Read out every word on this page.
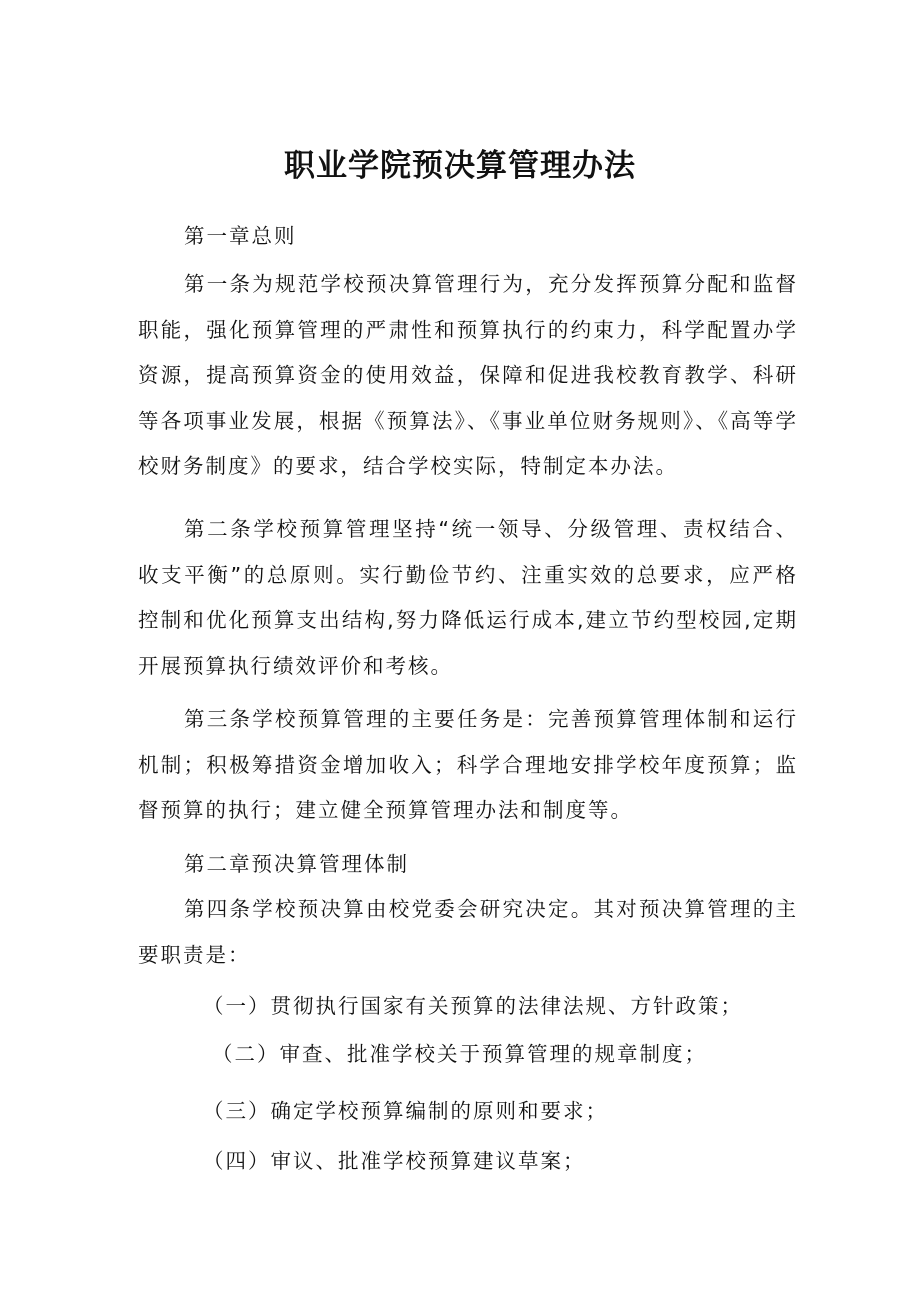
职业学院预决算管理办法

第一章总则

第一条为规范学校预决算管理行为，充分发挥预算分配和监督职能，强化预算管理的严肃性和预算执行的约束力，科学配置办学资源，提高预算资金的使用效益，保障和促进我校教育教学、科研等各项事业发展，根据《预算法》、《事业单位财务规则》、《高等学校财务制度》的要求，结合学校实际，特制定本办法。

第二条学校预算管理坚持“统一领导、分级管理、责权结合、收支平衡”的总原则。实行勤俭节约、注重实效的总要求，应严格控制和优化预算支出结构,努力降低运行成本,建立节约型校园,定期开展预算执行绩效评价和考核。

第三条学校预算管理的主要任务是：完善预算管理体制和运行机制；积极筹措资金增加收入；科学合理地安排学校年度预算；监督预算的执行；建立健全预算管理办法和制度等。

第二章预决算管理体制

第四条学校预决算由校党委会研究决定。其对预决算管理的主要职责是：

（一）贯彻执行国家有关预算的法律法规、方针政策；

（二）审查、批准学校关于预算管理的规章制度；

（三）确定学校预算编制的原则和要求；

（四）审议、批准学校预算建议草案；
